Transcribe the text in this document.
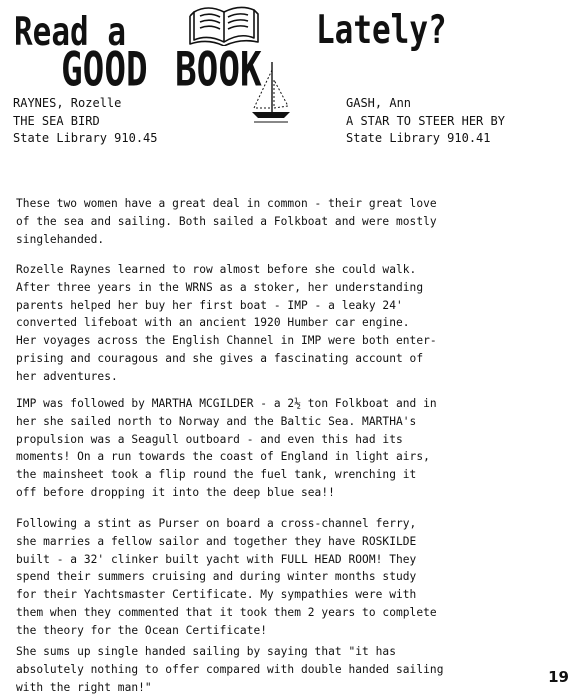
Read a	Lately?
GOOD BOOK
RAYNES, Rozelle
THE SEA BIRD
State Library 910.45
GASH, Ann
A STAR TO STEER HER BY
State Library 910.41

These two women have a great deal in common - their great love
of the sea and sailing. Both sailed a Folkboat and were mostly
singlehanded.

Rozelle Raynes learned to row almost before she could walk.
After three years in the WRNS as a stoker, her understanding
parents helped her buy her first boat - IMP - a leaky 24'
converted lifeboat with an ancient 1920 Humber car engine.
Her voyages across the English Channel in IMP were both enter-
prising and couragous and she gives a fascinating account of
her adventures.

IMP was followed by MARTHA MCGILDER - a 2½ ton Folkboat and in
her she sailed north to Norway and the Baltic Sea. MARTHA's
propulsion was a Seagull outboard - and even this had its
moments! On a run towards the coast of England in light airs,
the mainsheet took a flip round the fuel tank, wrenching it
off before dropping it into the deep blue sea!!

Following a stint as Purser on board a cross-channel ferry,
she marries a fellow sailor and together they have ROSKILDE
built - a 32' clinker built yacht with FULL HEAD ROOM! They
spend their summers cruising and during winter months study
for their Yachtsmaster Certificate. My sympathies were with
them when they commented that it took them 2 years to complete
the theory for the Ocean Certificate!

She sums up single handed sailing by saying that "it has
absolutely nothing to offer compared with double handed sailing
with the right man!"

19
